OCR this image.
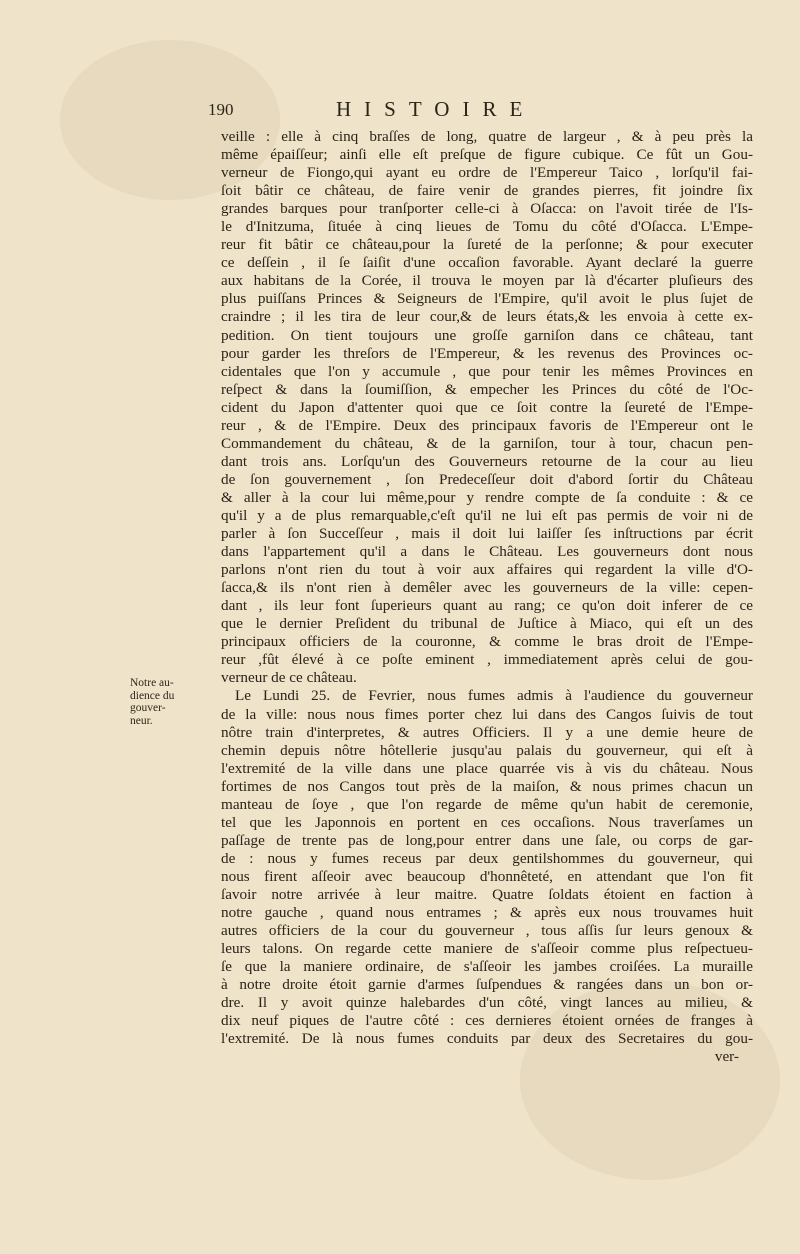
190	HISTOIRE
veille : elle à cinq braſſes de long, quatre de largeur , & à peu près la
même épaiſſeur; ainſi elle eſt preſque de figure cubique. Ce fût un Gou-
verneur de Fiongo,qui ayant eu ordre de l'Empereur Taico , lorſqu'il fai-
ſoit bâtir ce château, de faire venir de grandes pierres, fit joindre ſix
grandes barques pour tranſporter celle-ci à Oſacca: on l'avoit tirée de l'Is-
le d'Initzuma, ſituée à cinq lieues de Tomu du côté d'Oſacca. L'Empe-
reur fit bâtir ce château,pour la ſureté de la perſonne; & pour executer
ce deſſein , il ſe ſaiſit d'une occaſion favorable. Ayant declaré la guerre
aux habitans de la Corée, il trouva le moyen par là d'écarter pluſieurs des
plus puiſſans Princes & Seigneurs de l'Empire, qu'il avoit le plus ſujet de
craindre ; il les tira de leur cour,& de leurs états,& les envoia à cette ex-
pedition. On tient toujours une groſſe garniſon dans ce château, tant
pour garder les threſors de l'Empereur, & les revenus des Provinces oc-
cidentales que l'on y accumule , que pour tenir les mêmes Provinces en
reſpect & dans la ſoumiſſion, & empecher les Princes du côté de l'Oc-
cident du Japon d'attenter quoi que ce ſoit contre la ſeureté de l'Empe-
reur , & de l'Empire. Deux des principaux favoris de l'Empereur ont le
Commandement du château, & de la garniſon, tour à tour, chacun pen-
dant trois ans. Lorſqu'un des Gouverneurs retourne de la cour au lieu
de ſon gouvernement , ſon Predeceſſeur doit d'abord ſortir du Château
& aller à la cour lui même,pour y rendre compte de ſa conduite : & ce
qu'il y a de plus remarquable,c'eſt qu'il ne lui eſt pas permis de voir ni de
parler à ſon Succeſſeur , mais il doit lui laiſſer ſes inſtructions par écrit
dans l'appartement qu'il a dans le Château. Les gouverneurs dont nous
parlons n'ont rien du tout à voir aux affaires qui regardent la ville d'O-
ſacca,& ils n'ont rien à demêler avec les gouverneurs de la ville: cepen-
dant , ils leur font ſuperieurs quant au rang; ce qu'on doit inferer de ce
que le dernier Preſident du tribunal de Juſtice à Miaco, qui eſt un des
principaux officiers de la couronne, & comme le bras droit de l'Empe-
reur ,fût élevé à ce poſte eminent , immediatement après celui de gou-
verneur de ce château.
Le Lundi 25. de Fevrier, nous fumes admis à l'audience du gouverneur
de la ville: nous nous fimes porter chez lui dans des Cangos ſuivis de tout
nôtre train d'interpretes, & autres Officiers. Il y a une demie heure de
chemin depuis nôtre hôtellerie jusqu'au palais du gouverneur, qui eſt à
l'extremité de la ville dans une place quarrée vis à vis du château. Nous
fortimes de nos Cangos tout près de la maiſon, & nous primes chacun un
manteau de ſoye , que l'on regarde de même qu'un habit de ceremonie,
tel que les Japonnois en portent en ces occaſions. Nous traverſames un
paſſage de trente pas de long,pour entrer dans une ſale, ou corps de gar-
de : nous y fumes receus par deux gentilshommes du gouverneur, qui
nous firent aſſeoir avec beaucoup d'honnêteté, en attendant que l'on fit
ſavoir notre arrivée à leur maitre. Quatre ſoldats étoient en faction à
notre gauche , quand nous entrames ; & après eux nous trouvames huit
autres officiers de la cour du gouverneur , tous aſſis ſur leurs genoux &
leurs talons. On regarde cette maniere de s'aſſeoir comme plus reſpectueu-
ſe que la maniere ordinaire, de s'aſſeoir les jambes croiſées. La muraille
à notre droite étoit garnie d'armes ſuſpendues & rangées dans un bon or-
dre. Il y avoit quinze halebardes d'un côté, vingt lances au milieu, &
dix neuf piques de l'autre côté : ces dernieres étoient ornées de franges à
l'extremité. De là nous fumes conduits par deux des Secretaires du gou-
ver-
Notre au-
dience du
gouver-
neur.
